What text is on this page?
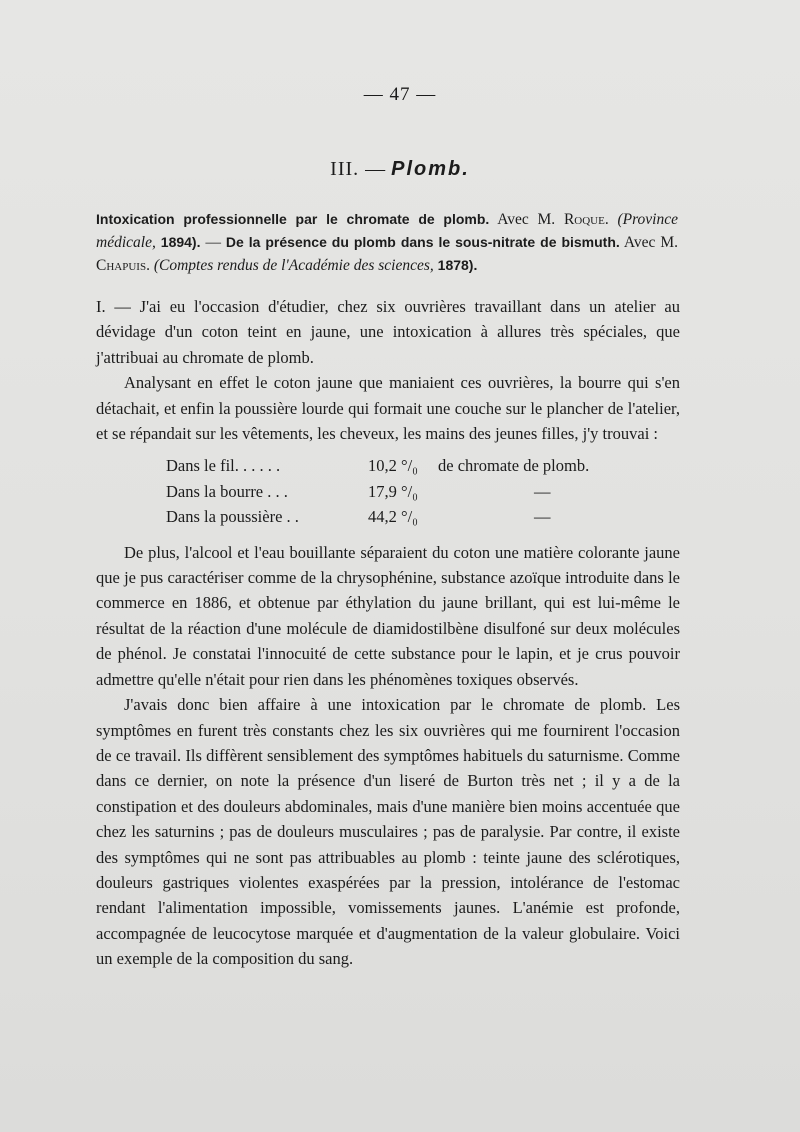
— 47 —
III. — Plomb.
Intoxication professionnelle par le chromate de plomb. Avec M. Roque. (Province médicale, 1894). — De la présence du plomb dans le sous-nitrate de bismuth. Avec M. Chapuis. (Comptes rendus de l'Académie des sciences, 1878).

I. — J'ai eu l'occasion d'étudier, chez six ouvrières travaillant dans un atelier au dévidage d'un coton teint en jaune, une intoxication à allures très spéciales, que j'attribuai au chromate de plomb.

Analysant en effet le coton jaune que maniaient ces ouvrières, la bourre qui s'en détachait, et enfin la poussière lourde qui formait une couche sur le plancher de l'atelier, et se répandait sur les vêtements, les cheveux, les mains des jeunes filles, j'y trouvai :

Dans le fil. . . . . .	10,2 °/₀	de chromate de plomb.
Dans la bourre . . .	17,9 °/₀	—
Dans la poussière . .	44,2 °/₀	—

De plus, l'alcool et l'eau bouillante séparaient du coton une matière colorante jaune que je pus caractériser comme de la chrysophénine, substance azoïque introduite dans le commerce en 1886, et obtenue par éthylation du jaune brillant, qui est lui-même le résultat de la réaction d'une molécule de diamidostilbène disulfoné sur deux molécules de phénol. Je constatai l'innocuité de cette substance pour le lapin, et je crus pouvoir admettre qu'elle n'était pour rien dans les phénomènes toxiques observés.

J'avais donc bien affaire à une intoxication par le chromate de plomb. Les symptômes en furent très constants chez les six ouvrières qui me fournirent l'occasion de ce travail. Ils diffèrent sensiblement des symptômes habituels du saturnisme. Comme dans ce dernier, on note la présence d'un liseré de Burton très net ; il y a de la constipation et des douleurs abdominales, mais d'une manière bien moins accentuée que chez les saturnins ; pas de douleurs musculaires ; pas de paralysie. Par contre, il existe des symptômes qui ne sont pas attribuables au plomb : teinte jaune des sclérotiques, douleurs gastriques violentes exaspérées par la pression, intolérance de l'estomac rendant l'alimentation impossible, vomissements jaunes. L'anémie est profonde, accompagnée de leucocytose marquée et d'augmentation de la valeur globulaire. Voici un exemple de la composition du sang.
